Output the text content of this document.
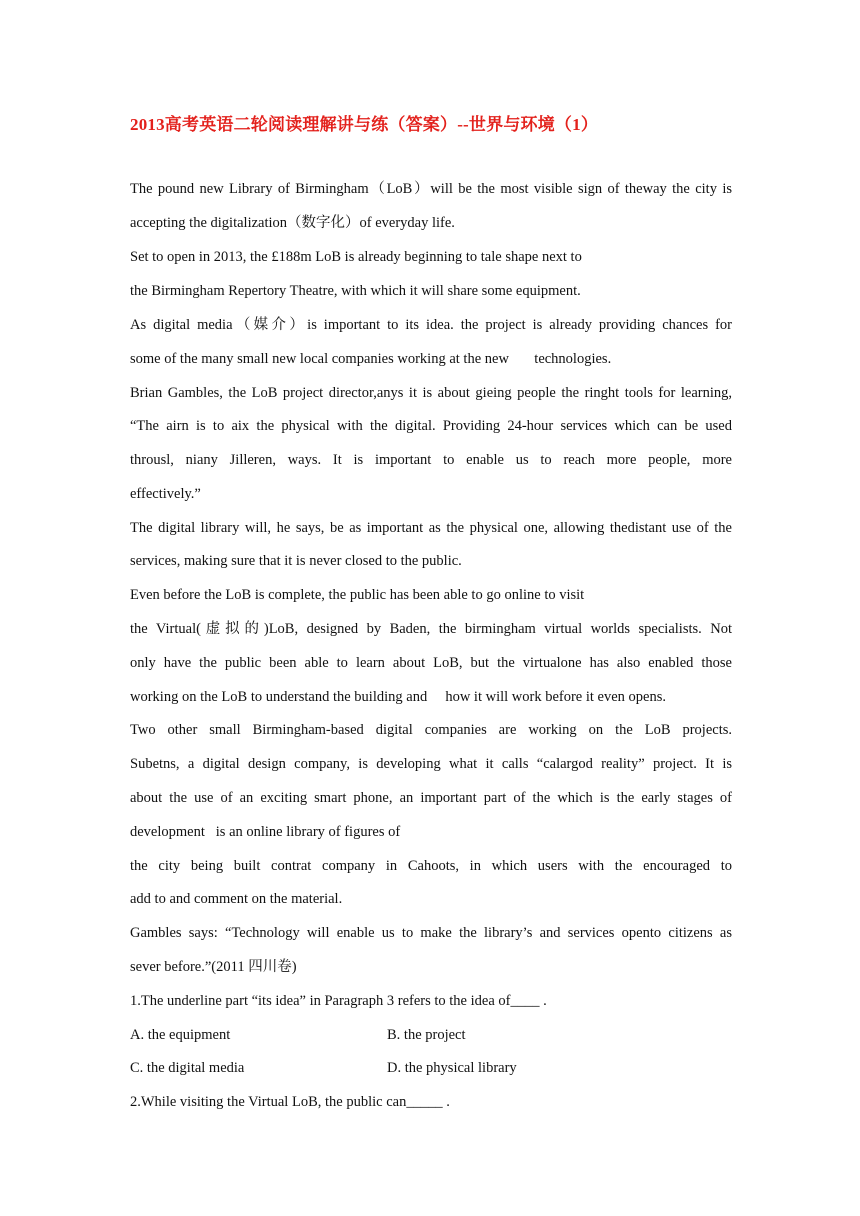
2013高考英语二轮阅读理解讲与练（答案）--世界与环境（1）
The pound new Library of Birmingham（LoB）will be the most visible sign of theway the city is
accepting the digitalization（数字化）of everyday life.
Set to open in 2013, the £188m LoB is already beginning to tale shape next to
the Birmingham Repertory Theatre, with which it will share some equipment.
As digital media（媒介）is important to its idea. the project is already providing chances for
some of the many small new local companies working at the new       technologies.
Brian Gambles, the LoB project director,anys it is about gieing people the ringht tools for learning,
“The airn is to aix the physical with the digital. Providing 24-hour services which can be used
throusl, niany Jilleren, ways. It is important to enable us to reach more people, more
effectively.”
The digital library will, he says, be as important as the physical one, allowing thedistant use of the
services, making sure that it is never closed to the public.
Even before the LoB is complete, the public has been able to go online to visit
the Virtual(虚拟的)LoB, designed by Baden, the birmingham virtual worlds specialists. Not
only have the public been able to learn about LoB, but the virtualone has also enabled those
working on the LoB to understand the building and     how it will work before it even opens.
Two other small Birmingham-based digital companies are working on the LoB projects.
Subetns, a digital design company, is developing what it calls “calargod reality” project. It is
about the use of an exciting smart phone, an important part of the which is the early stages of
development   is an online library of figures of
the city being built contrat company in Cahoots, in which users with the encouraged to
add to and comment on the material.
Gambles says: “Technology will enable us to make the library’s and services opento citizens as
sever before.”(2011 四川卷)
1.The underline part “its idea” in Paragraph 3 refers to the idea of____ .
A. the equipment	B. the project
C. the digital media	D. the physical library
2.While visiting the Virtual LoB, the public can_____ .
